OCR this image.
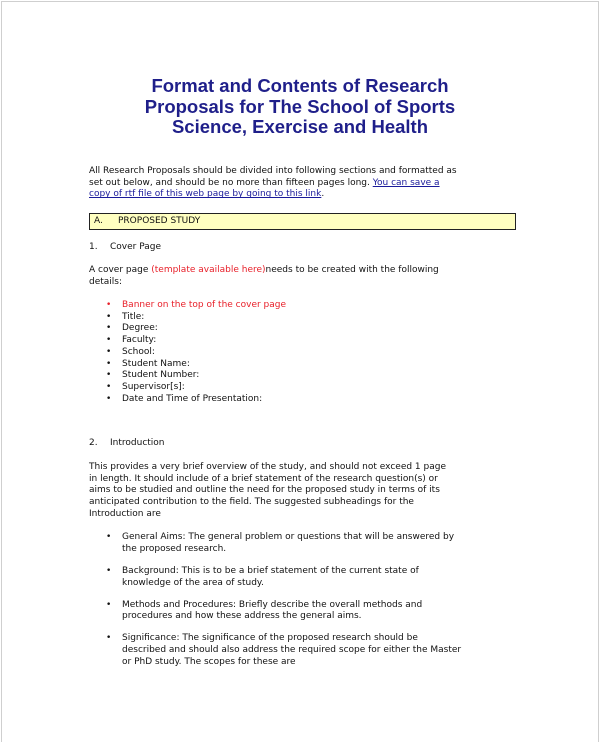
Format and Contents of Research
Proposals for The School of Sports
Science, Exercise and Health
All Research Proposals should be divided into following sections and formatted as
set out below, and should be no more than fifteen pages long. You can save a
copy of rtf file of this web page by going to this link.
A. PROPOSED STUDY
1. Cover Page
A cover page (template available here)needs to be created with the following
details:
• Banner on the top of the cover page
• Title:
• Degree:
• Faculty:
• School:
• Student Name:
• Student Number:
• Supervisor[s]:
• Date and Time of Presentation:
2. Introduction
This provides a very brief overview of the study, and should not exceed 1 page
in length. It should include of a brief statement of the research question(s) or
aims to be studied and outline the need for the proposed study in terms of its
anticipated contribution to the field. The suggested subheadings for the
Introduction are
• General Aims: The general problem or questions that will be answered by
the proposed research.
• Background: This is to be a brief statement of the current state of
knowledge of the area of study.
• Methods and Procedures: Briefly describe the overall methods and
procedures and how these address the general aims.
• Significance: The significance of the proposed research should be
described and should also address the required scope for either the Master
or PhD study. The scopes for these are
